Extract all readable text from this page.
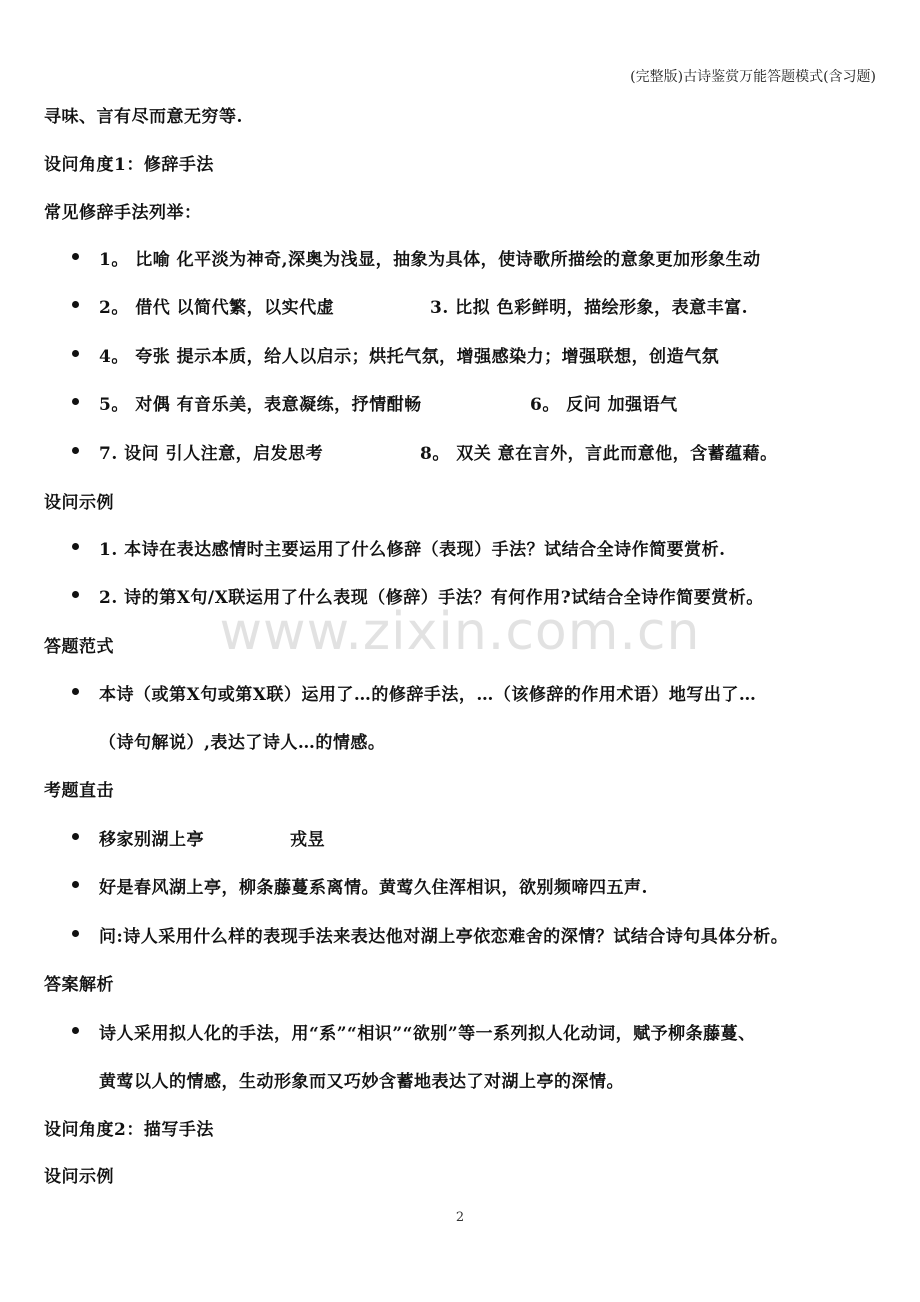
(完整版)古诗鉴赏万能答题模式(含习题)
www.zixin.com.cn
寻味、言有尽而意无穷等.
设问角度1：修辞手法
常见修辞手法列举：
1。 比喻 化平淡为神奇,深奥为浅显，抽象为具体，使诗歌所描绘的意象更加形象生动
2。 借代 以简代繁，以实代虚	3. 比拟 色彩鲜明，描绘形象，表意丰富.
4。 夸张 提示本质，给人以启示；烘托气氛，增强感染力；增强联想，创造气氛
5。 对偶 有音乐美，表意凝练，抒情酣畅	6。 反问 加强语气
7. 设问 引人注意，启发思考	8。 双关 意在言外，言此而意他，含蓄蕴藉。
设问示例
1. 本诗在表达感情时主要运用了什么修辞（表现）手法？试结合全诗作简要赏析.
2. 诗的第X句/X联运用了什么表现（修辞）手法？有何作用?试结合全诗作简要赏析。
答题范式
本诗（或第X句或第X联）运用了…的修辞手法，…（该修辞的作用术语）地写出了…
（诗句解说）,表达了诗人…的情感。
考题直击
移家别湖上亭	戎昱
好是春风湖上亭，柳条藤蔓系离情。黄莺久住浑相识，欲别频啼四五声.
问:诗人采用什么样的表现手法来表达他对湖上亭依恋难舍的深情？试结合诗句具体分析。
答案解析
诗人采用拟人化的手法，用“系”“相识”“欲别”等一系列拟人化动词，赋予柳条藤蔓、
黄莺以人的情感，生动形象而又巧妙含蓄地表达了对湖上亭的深情。
设问角度2：描写手法
设问示例
2
